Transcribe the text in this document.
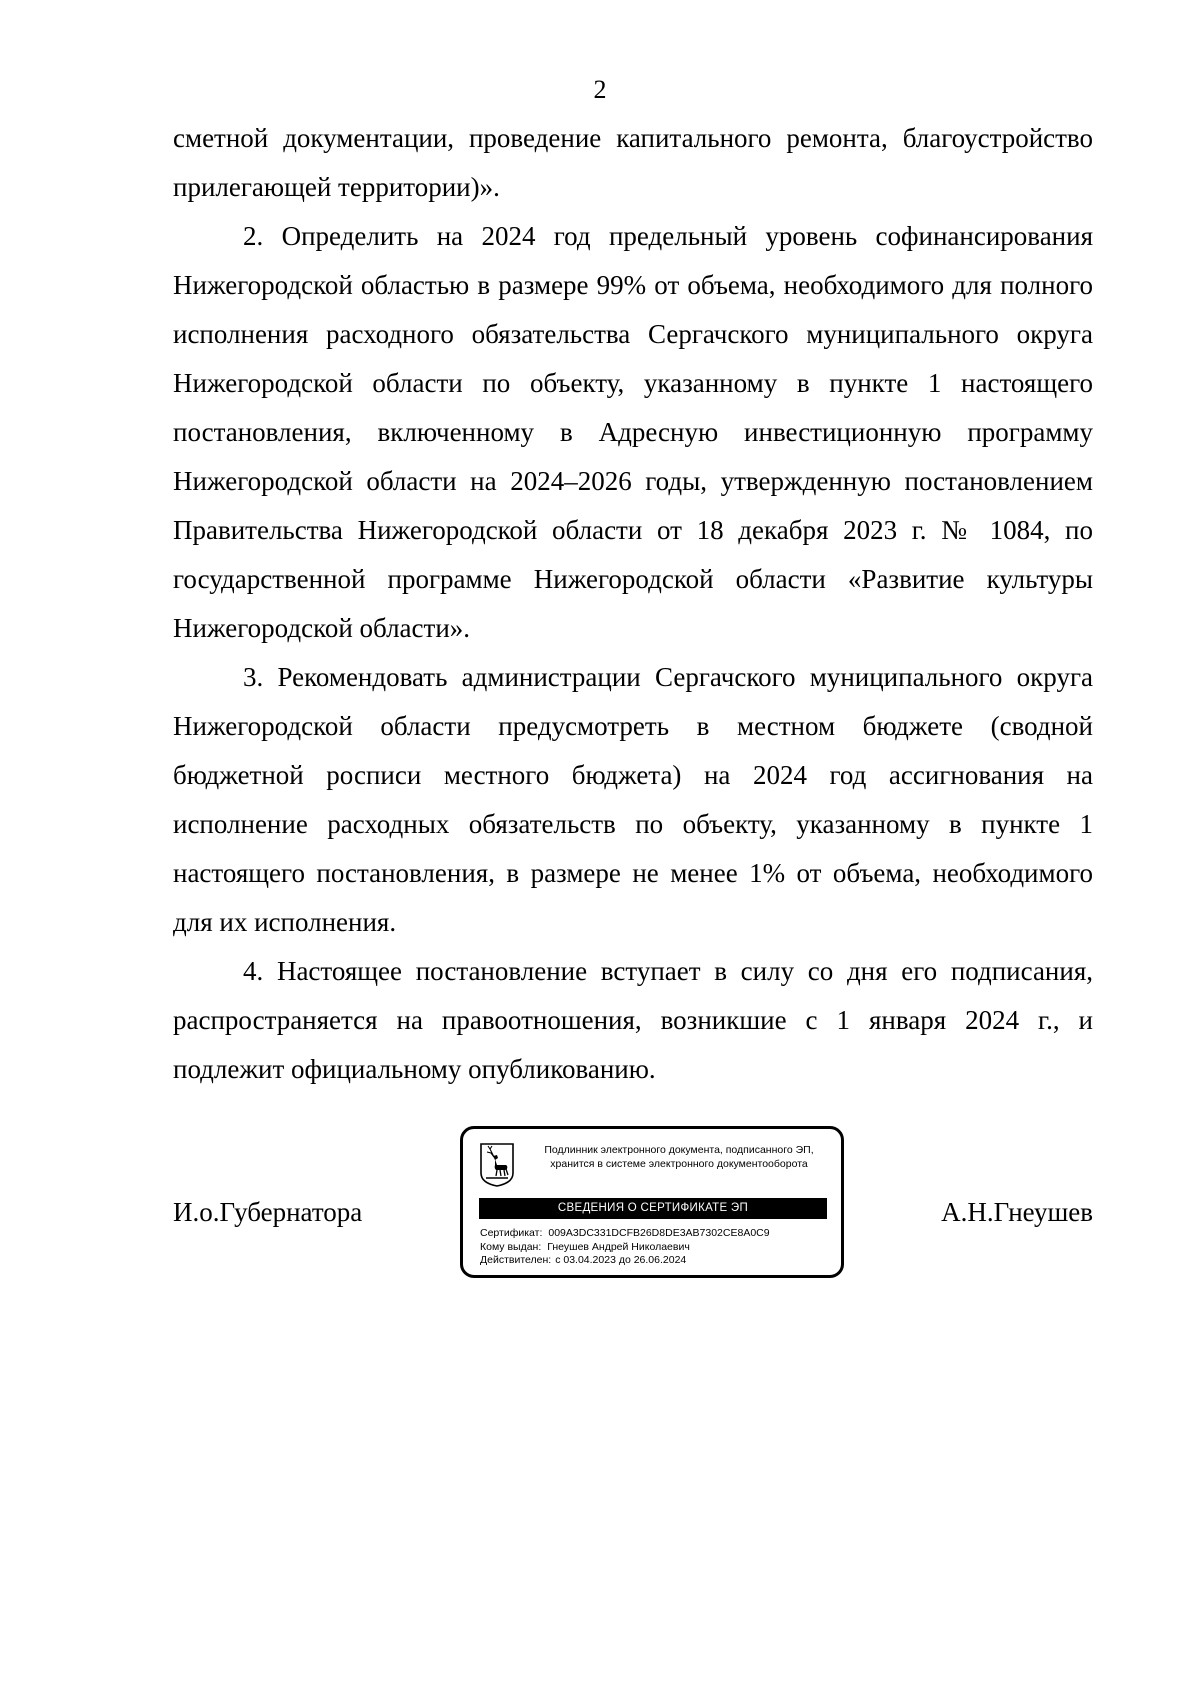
2

сметной документации, проведение капитального ремонта, благоустройство прилегающей территории)».

2. Определить на 2024 год предельный уровень софинансирования Нижегородской областью в размере 99% от объема, необходимого для полного исполнения расходного обязательства Сергачского муниципального округа Нижегородской области по объекту, указанному в пункте 1 настоящего постановления, включенному в Адресную инвестиционную программу Нижегородской области на 2024–2026 годы, утвержденную постановлением Правительства Нижегородской области от 18 декабря 2023 г. № 1084, по государственной программе Нижегородской области «Развитие культуры Нижегородской области».

3. Рекомендовать администрации Сергачского муниципального округа Нижегородской области предусмотреть в местном бюджете (сводной бюджетной росписи местного бюджета) на 2024 год ассигнования на исполнение расходных обязательств по объекту, указанному в пункте 1 настоящего постановления, в размере не менее 1% от объема, необходимого для их исполнения.

4. Настоящее постановление вступает в силу со дня его подписания, распространяется на правоотношения, возникшие с 1 января 2024 г., и подлежит официальному опубликованию.

И.о.Губернатора
Подлинник электронного документа, подписанного ЭП,
хранится в системе электронного документооборота
СВЕДЕНИЯ О СЕРТИФИКАТЕ ЭП
Сертификат: 009A3DC331DCFB26D8DE3AB7302CE8A0C9
Кому выдан: Гнеушев Андрей Николаевич
Действителен: с 03.04.2023 до 26.06.2024
А.Н.Гнеушев
